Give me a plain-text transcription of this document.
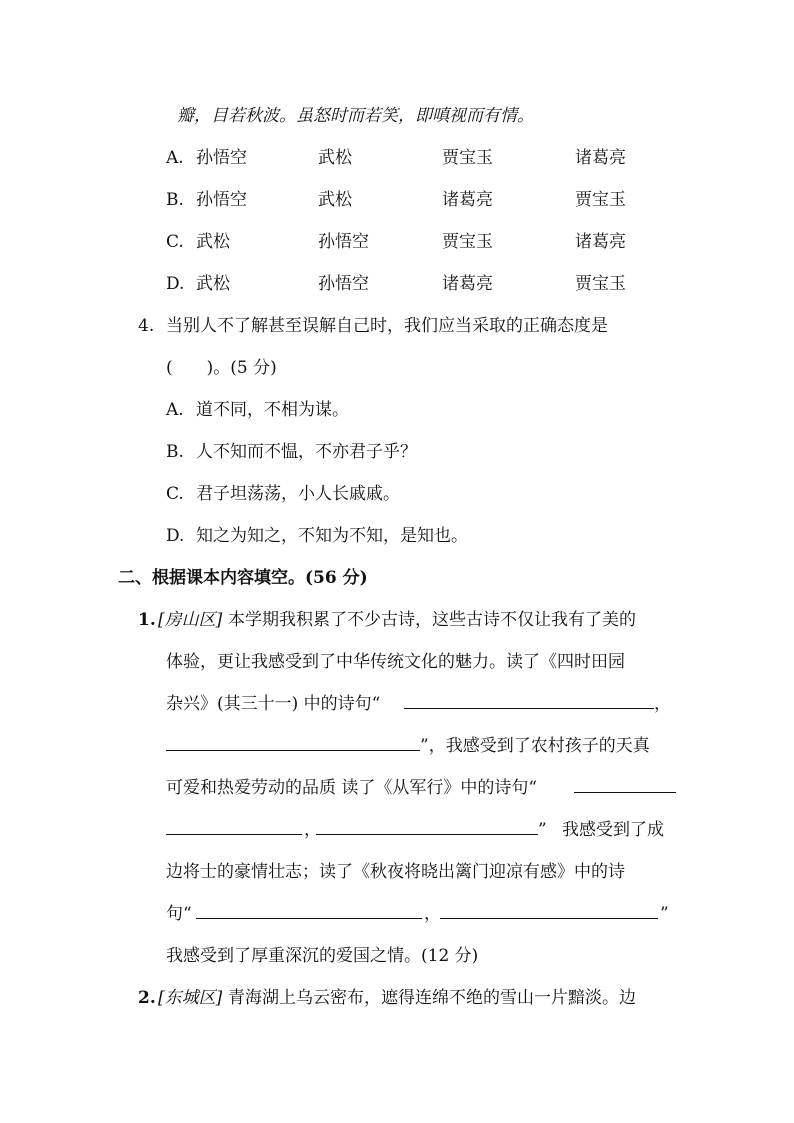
瓣，目若秋波。虽怒时而若笑，即嗔视而有情。
A. 孙悟空	武松	贾宝玉	诸葛亮
B. 孙悟空	武松	诸葛亮	贾宝玉
C. 武松	孙悟空	贾宝玉	诸葛亮
D. 武松	孙悟空	诸葛亮	贾宝玉
4. 当别人不了解甚至误解自己时，我们应当采取的正确态度是
(　　)。(5 分)
A. 道不同，不相为谋。
B. 人不知而不愠，不亦君子乎？
C. 君子坦荡荡，小人长戚戚。
D. 知之为知之，不知为不知，是知也。
二、根据课本内容填空。(56 分)
1. [房山区] 本学期我积累了不少古诗，这些古诗不仅让我有了美的
体验，更让我感受到了中华传统文化的魅力。读了《四时田园
杂兴》(其三十一) 中的诗句“	，
”，我感受到了农村孩子的天真
可爱和热爱劳动的品质 读了《从军行》中的诗句“
，	” 我感受到了成
边将士的豪情壮志；读了《秋夜将晓出篱门迎凉有感》中的诗
句“	，	”
我感受到了厚重深沉的爱国之情。(12 分)
2. [东城区] 青海湖上乌云密布，遮得连绵不绝的雪山一片黯淡。边
